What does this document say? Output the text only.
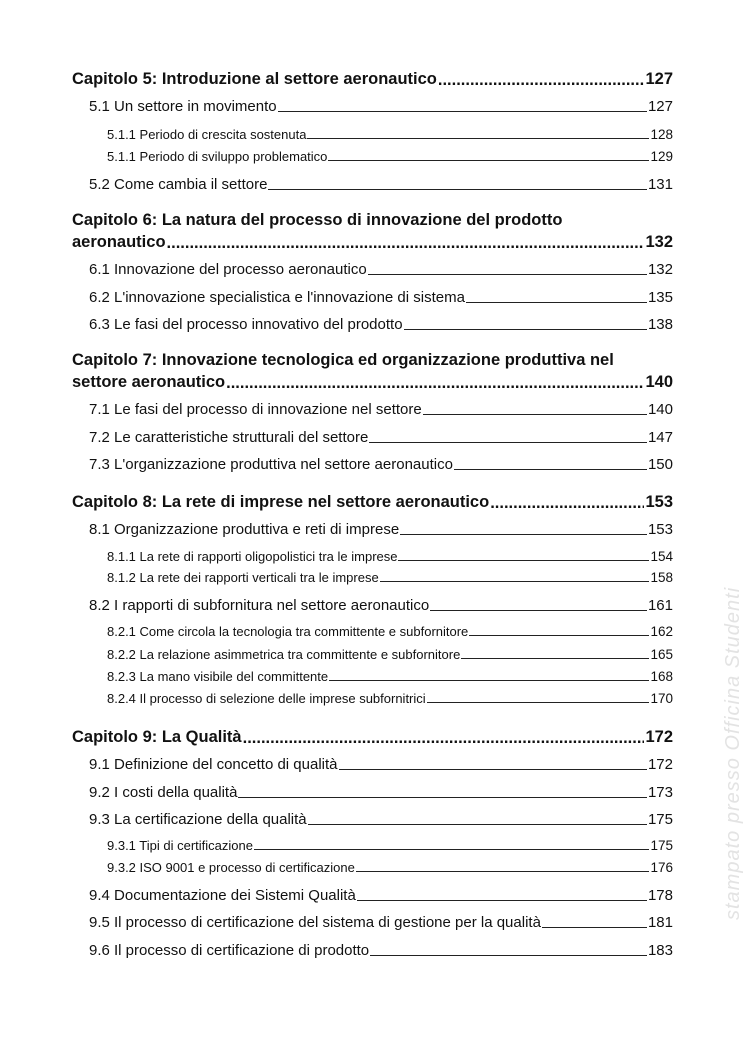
Capitolo 5: Introduzione al settore aeronautico .....	127
5.1 Un settore in movimento	127
5.1.1 Periodo di crescita sostenuta	128
5.1.1 Periodo di sviluppo problematico	129
5.2 Come cambia il settore	131
Capitolo 6: La natura del processo di innovazione del prodotto
aeronautico .....	132
6.1 Innovazione del processo aeronautico	132
6.2 L'innovazione specialistica e l'innovazione di sistema	135
6.3 Le fasi del processo innovativo del prodotto	138
Capitolo 7: Innovazione tecnologica ed organizzazione produttiva nel
settore aeronautico .....	140
7.1 Le fasi del processo di innovazione nel settore	140
7.2 Le caratteristiche strutturali del settore	147
7.3 L'organizzazione produttiva nel settore aeronautico	150
Capitolo 8: La rete di imprese nel settore aeronautico .....	153
8.1 Organizzazione produttiva e reti di imprese	153
8.1.1 La rete di rapporti oligopolistici tra le imprese	154
8.1.2 La rete dei rapporti verticali tra le imprese	158
8.2 I rapporti di subfornitura nel settore aeronautico	161
8.2.1 Come circola la tecnologia tra committente e subfornitore	162
8.2.2 La relazione asimmetrica tra committente e subfornitore	165
8.2.3 La mano visibile del committente	168
8.2.4 Il processo di selezione delle imprese subfornitrici	170
Capitolo 9: La Qualità .....	172
9.1 Definizione del concetto di qualità	172
9.2 I costi della qualità	173
9.3 La certificazione della qualità	175
9.3.1 Tipi di certificazione	175
9.3.2 ISO 9001 e processo di certificazione	176
9.4 Documentazione dei Sistemi Qualità	178
9.5 Il processo di certificazione del sistema di gestione per la qualità	181
9.6 Il processo di certificazione di prodotto	183
stampato presso Officina Studenti
